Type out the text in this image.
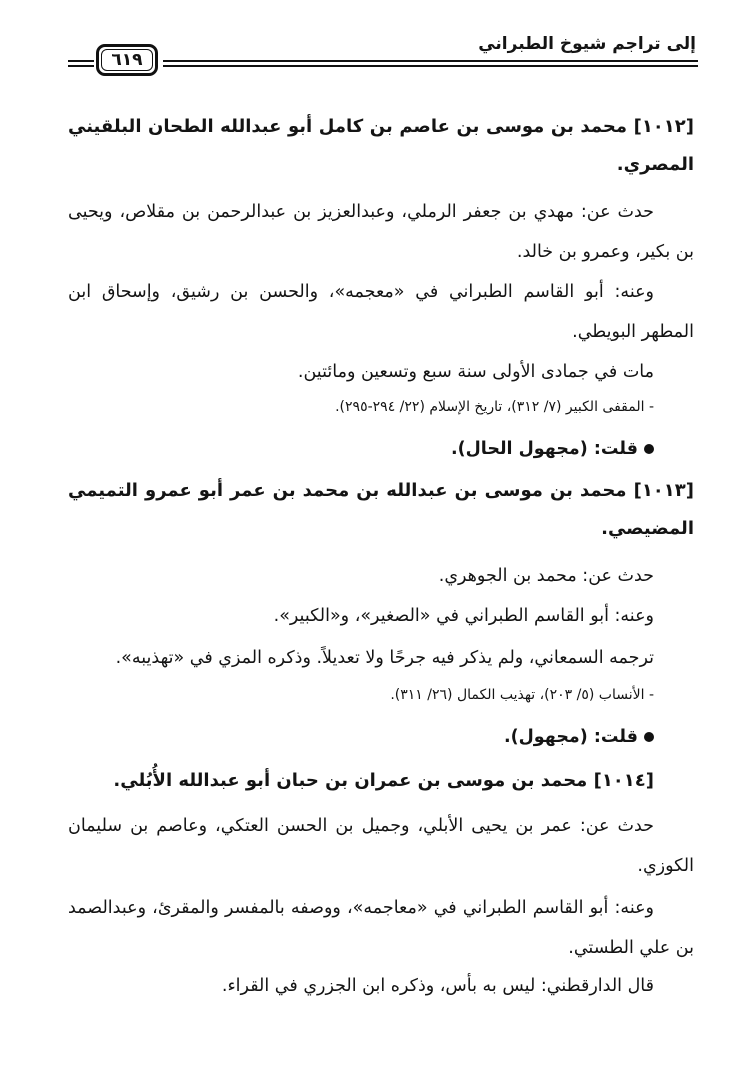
إلى تراجم شيوخ الطبراني
٦١٩
[١٠١٢] محمد بن موسى بن عاصم بن كامل أبو عبدالله الطحان البلقيني المصري.
حدث عن: مهدي بن جعفر الرملي، وعبدالعزيز بن عبدالرحمن بن مقلاص، ويحيى بن بكير، وعمرو بن خالد.
وعنه: أبو القاسم الطبراني في «معجمه»، والحسن بن رشيق، وإسحاق ابن المطهر البويطي.
مات في جمادى الأولى سنة سبع وتسعين ومائتين.
- المقفى الكبير (٧/ ٣١٢)، تاريخ الإسلام (٢٢/ ٢٩٤-٢٩٥).
قلت: (مجهول الحال).
[١٠١٣] محمد بن موسى بن عبدالله بن محمد بن عمر أبو عمرو التميمي المضيصي.
حدث عن: محمد بن الجوهري.
وعنه: أبو القاسم الطبراني في «الصغير»، و«الكبير».
ترجمه السمعاني، ولم يذكر فيه جرحًا ولا تعديلاً. وذكره المزي في «تهذيبه».
- الأنساب (٥/ ٢٠٣)، تهذيب الكمال (٢٦/ ٣١١).
قلت: (مجهول).
[١٠١٤] محمد بن موسى بن عمران بن حبان أبو عبدالله الأُبُلي.
حدث عن: عمر بن يحيى الأبلي، وجميل بن الحسن العتكي، وعاصم بن سليمان الكوزي.
وعنه: أبو القاسم الطبراني في «معاجمه»، ووصفه بالمفسر والمقرئ، وعبدالصمد بن علي الطستي.
قال الدارقطني: ليس به بأس، وذكره ابن الجزري في القراء.
